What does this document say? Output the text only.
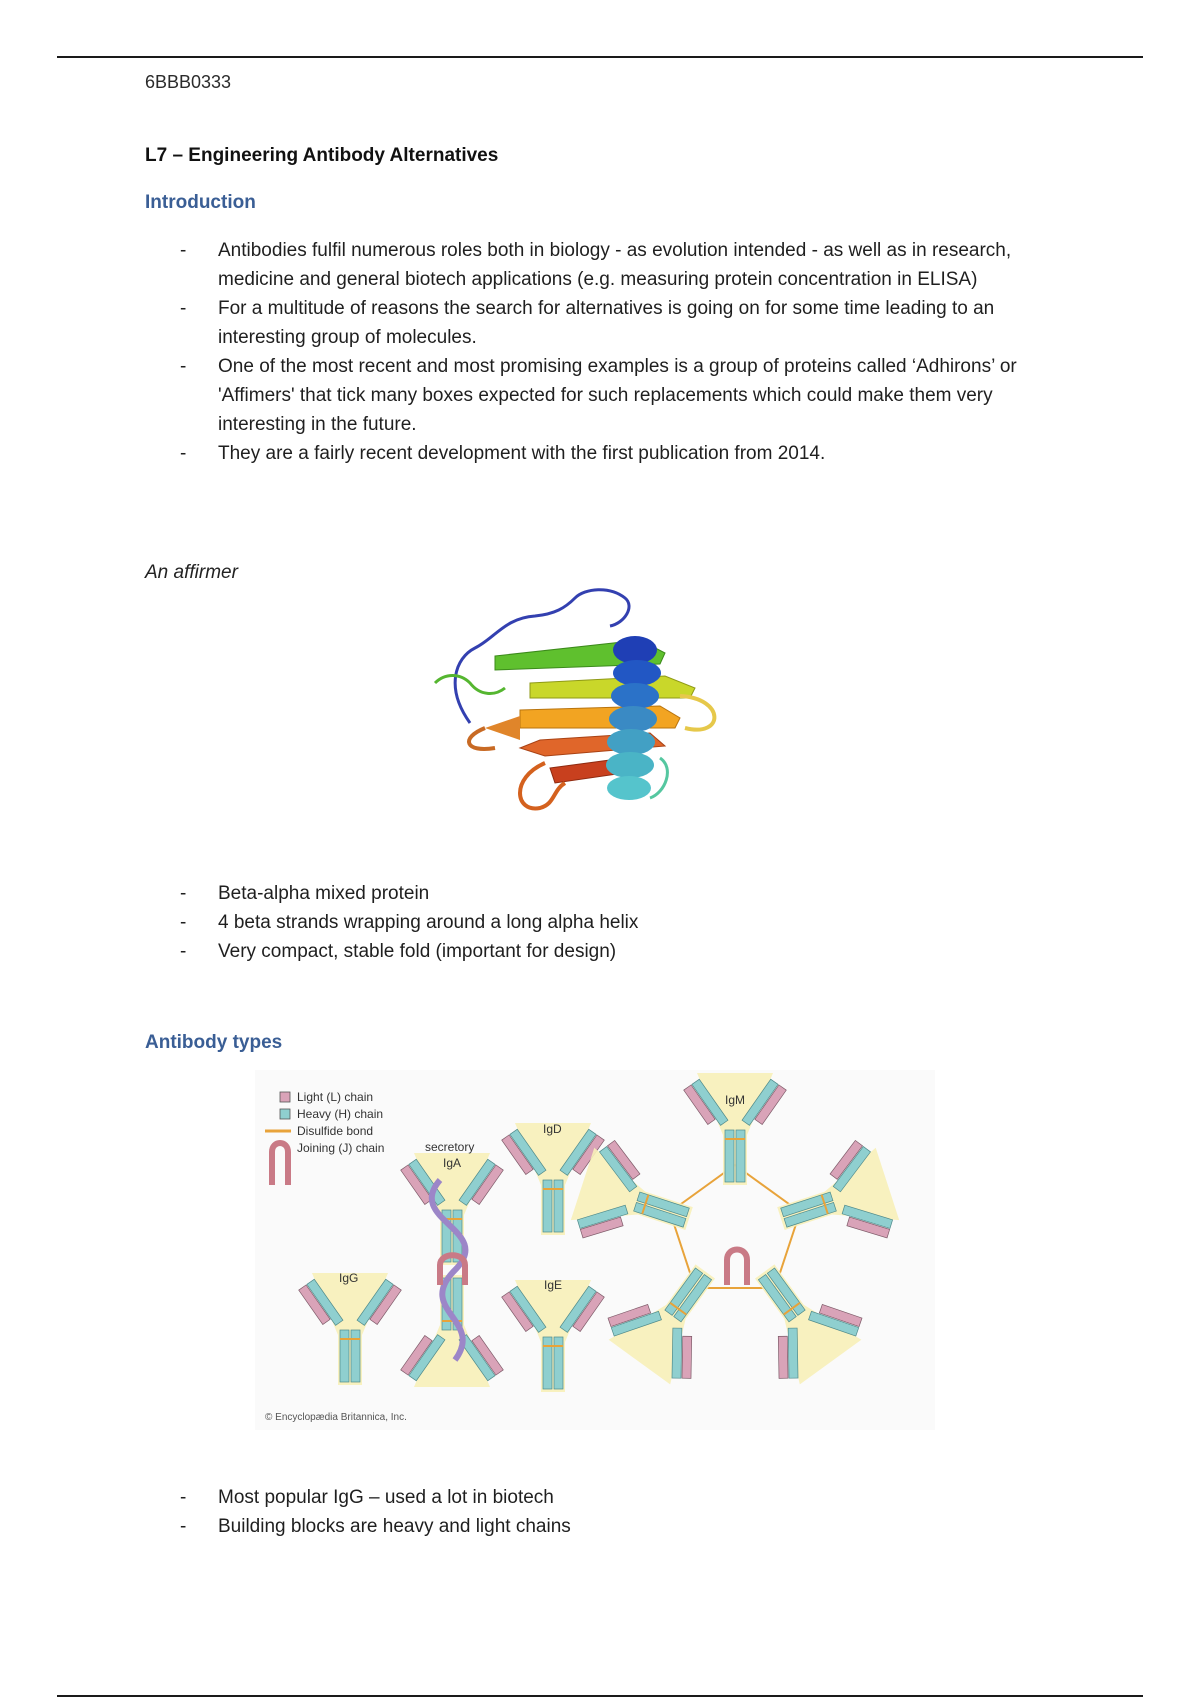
6BBB0333
L7 – Engineering Antibody Alternatives
Introduction
-	Antibodies fulfil numerous roles both in biology - as evolution intended - as well as in research, medicine and general biotech applications (e.g. measuring protein concentration in ELISA)
-	For a multitude of reasons the search for alternatives is going on for some time leading to an interesting group of molecules.
-	One of the most recent and most promising examples is a group of proteins called ‘Adhirons’ or 'Affimers' that tick many boxes expected for such replacements which could make them very interesting in the future.
-	They are a fairly recent development with the first publication from 2014.
An affirmer
-	Beta-alpha mixed protein
-	4 beta strands wrapping around a long alpha helix
-	Very compact, stable fold (important for design)
Antibody types
Light (L) chain
Heavy (H) chain
Disulfide bond
Joining (J) chain
IgG
secretory
IgA
IgD
IgE
IgM
© Encyclopædia Britannica, Inc.
-	Most popular IgG – used a lot in biotech
-	Building blocks are heavy and light chains
